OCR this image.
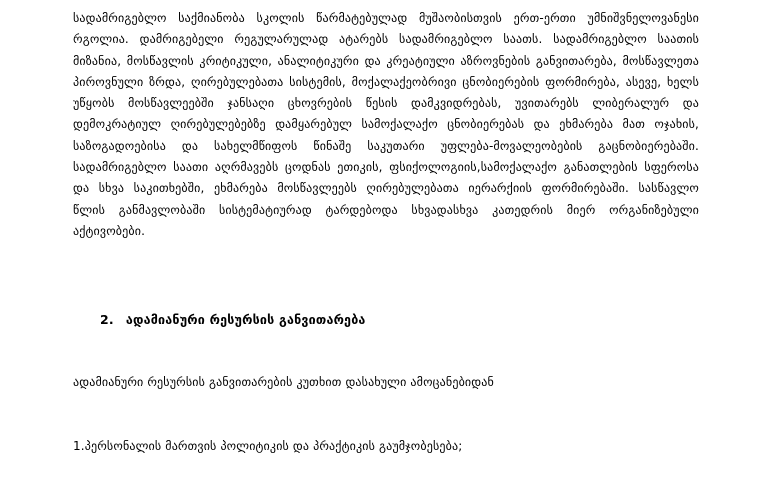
სადამრიგებლო საქმიანობა სკოლის წარმატებულად მუშაობისთვის ერთ-ერთი უმნიშვნელოვანესი რგოლია. დამრიგებელი რეგულარულად ატარებს სადამრიგებლო საათს. სადამრიგებლო საათის მიზანია, მოსწავლის კრიტიკული, ანალიტიკური და კრეატიული აზროვნების განვითარება, მოსწავლეთა პიროვნული ზრდა, ღირებულებათა სისტემის, მოქალაქეობრივი ცნობიერების ფორმირება, ასევე, ხელს უწყობს მოსწავლეებში ჯანსაღი ცხოვრების წესის დამკვიდრებას, უვითარებს ლიბერალურ და დემოკრატიულ ღირებულებებზე დამყარებულ სამოქალაქო ცნობიერებას და ეხმარება მათ ოჯახის, საზოგადოებისა და სახელმწიფოს წინაშე საკუთარი უფლება-მოვალეობების გაცნობიერებაში. სადამრიგებლო საათი აღრმავებს ცოდნას ეთიკის, ფსიქოლოგიის,სამოქალაქო განათლების სფეროსა და სხვა საკითხებში, ეხმარება მოსწავლეებს ღირებულებათა იერარქიის ფორმირებაში. სასწავლო წლის განმავლობაში სისტემატიურად ტარდებოდა სხვადასხვა კათედრის მიერ ორგანიზებული აქტივობები.

2. ადამიანური რესურსის განვითარება

ადამიანური რესურსის განვითარების კუთხით დასახული ამოცანებიდან

1.პერსონალის მართვის პოლიტიკის და პრაქტიკის გაუმჯობესება;
